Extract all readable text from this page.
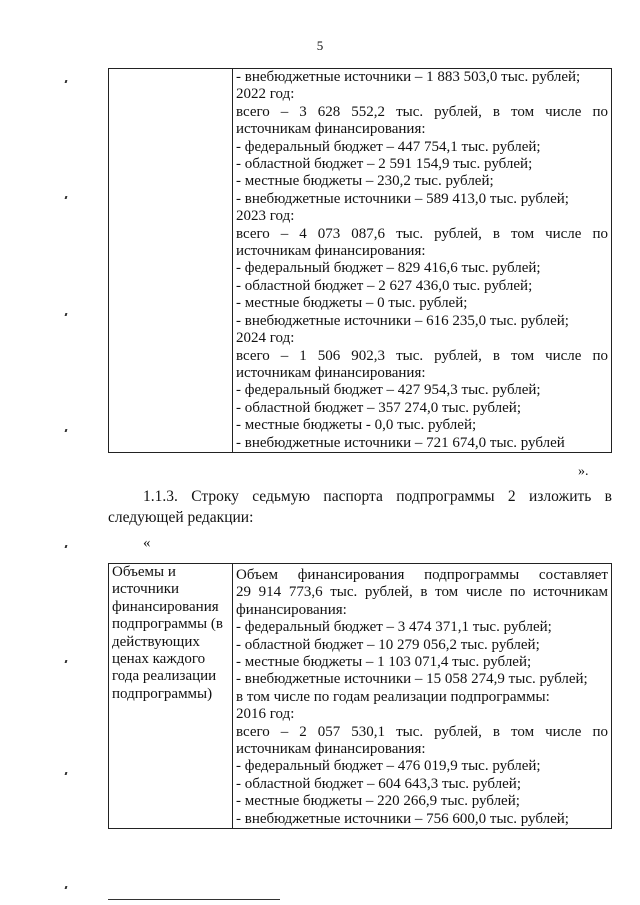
5

- внебюджетные источники – 1 883 503,0 тыс. рублей;
2022 год:
всего – 3 628 552,2 тыс. рублей, в том числе по
источникам финансирования:
- федеральный бюджет – 447 754,1 тыс. рублей;
- областной бюджет – 2 591 154,9 тыс. рублей;
- местные бюджеты – 230,2 тыс. рублей;
- внебюджетные источники – 589 413,0 тыс. рублей;
2023 год:
всего – 4 073 087,6 тыс. рублей, в том числе по
источникам финансирования:
- федеральный бюджет – 829 416,6 тыс. рублей;
- областной бюджет – 2 627 436,0 тыс. рублей;
- местные бюджеты – 0 тыс. рублей;
- внебюджетные источники – 616 235,0 тыс. рублей;
2024 год:
всего – 1 506 902,3 тыс. рублей, в том числе по
источникам финансирования:
- федеральный бюджет – 427 954,3 тыс. рублей;
- областной бюджет – 357 274,0 тыс. рублей;
- местные бюджеты - 0,0 тыс. рублей;
- внебюджетные источники – 721 674,0 тыс. рублей
».
1.1.3. Строку седьмую паспорта подпрограммы 2 изложить в
следующей редакции:
«
Объемы и
источники
финансирования
подпрограммы (в
действующих
ценах каждого
года реализации
подпрограммы)

Объем финансирования подпрограммы составляет
29 914 773,6 тыс. рублей, в том числе по источникам
финансирования:
- федеральный бюджет – 3 474 371,1 тыс. рублей;
- областной бюджет – 10 279 056,2 тыс. рублей;
- местные бюджеты – 1 103 071,4 тыс. рублей;
- внебюджетные источники – 15 058 274,9 тыс. рублей;
в том числе по годам реализации подпрограммы:
2016 год:
всего – 2 057 530,1 тыс. рублей, в том числе по
источникам финансирования:
- федеральный бюджет – 476 019,9 тыс. рублей;
- областной бюджет – 604 643,3 тыс. рублей;
- местные бюджеты – 220 266,9 тыс. рублей;
- внебюджетные источники – 756 600,0 тыс. рублей;
